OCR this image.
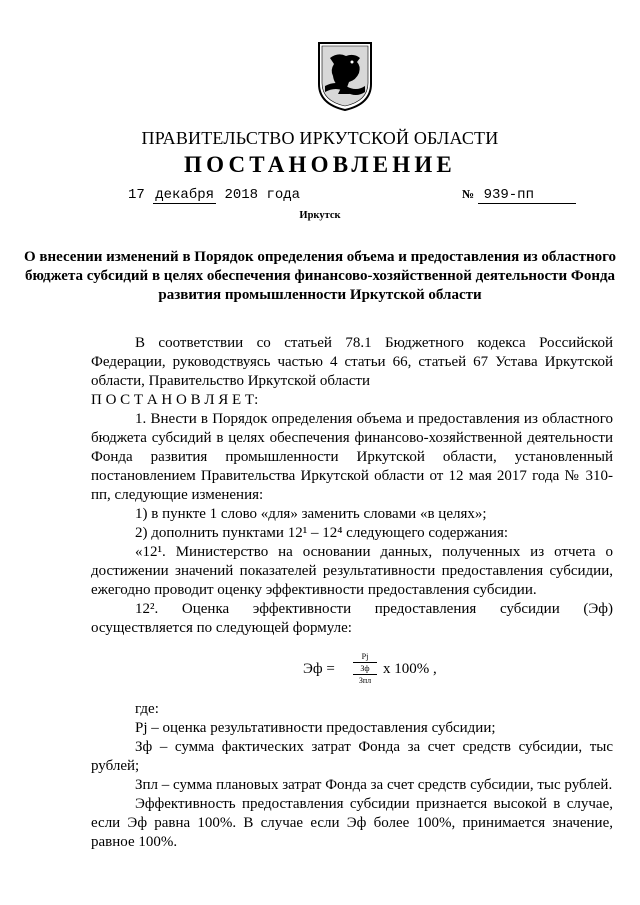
ПРАВИТЕЛЬСТВО ИРКУТСКОЙ ОБЛАСТИ
ПОСТАНОВЛЕНИЕ
17 декабря 2018 года	№ 939-пп
Иркутск
О внесении изменений в Порядок определения объема и предоставления из областного бюджета субсидий в целях обеспечения финансово-хозяйственной деятельности Фонда развития промышленности Иркутской области

В соответствии со статьей 78.1 Бюджетного кодекса Российской Федерации, руководствуясь частью 4 статьи 66, статьей 67 Устава Иркутской области, Правительство Иркутской области

П О С Т А Н О В Л Я Е Т:

1. Внести в Порядок определения объема и предоставления из областного бюджета субсидий в целях обеспечения финансово-хозяйственной деятельности Фонда развития промышленности Иркутской области, установленный постановлением Правительства Иркутской области от 12 мая 2017 года № 310-пп, следующие изменения:

1) в пункте 1 слово «для» заменить словами «в целях»;

2) дополнить пунктами 12¹ – 12⁴ следующего содержания:

«12¹. Министерство на основании данных, полученных из отчета о достижении значений показателей результативности предоставления субсидии, ежегодно проводит оценку эффективности предоставления субсидии.

12². Оценка эффективности предоставления субсидии (Эф) осуществляется по следующей формуле:

Эф =
Pj
Зф
Зпл
x 100% ,

где:

Pj – оценка результативности предоставления субсидии;

Зф – сумма фактических затрат Фонда за счет средств субсидии, тыс рублей;

Зпл – сумма плановых затрат Фонда за счет средств субсидии, тыс рублей.

Эффективность предоставления субсидии признается высокой в случае, если Эф равна 100%. В случае если Эф более 100%, принимается значение, равное 100%.
